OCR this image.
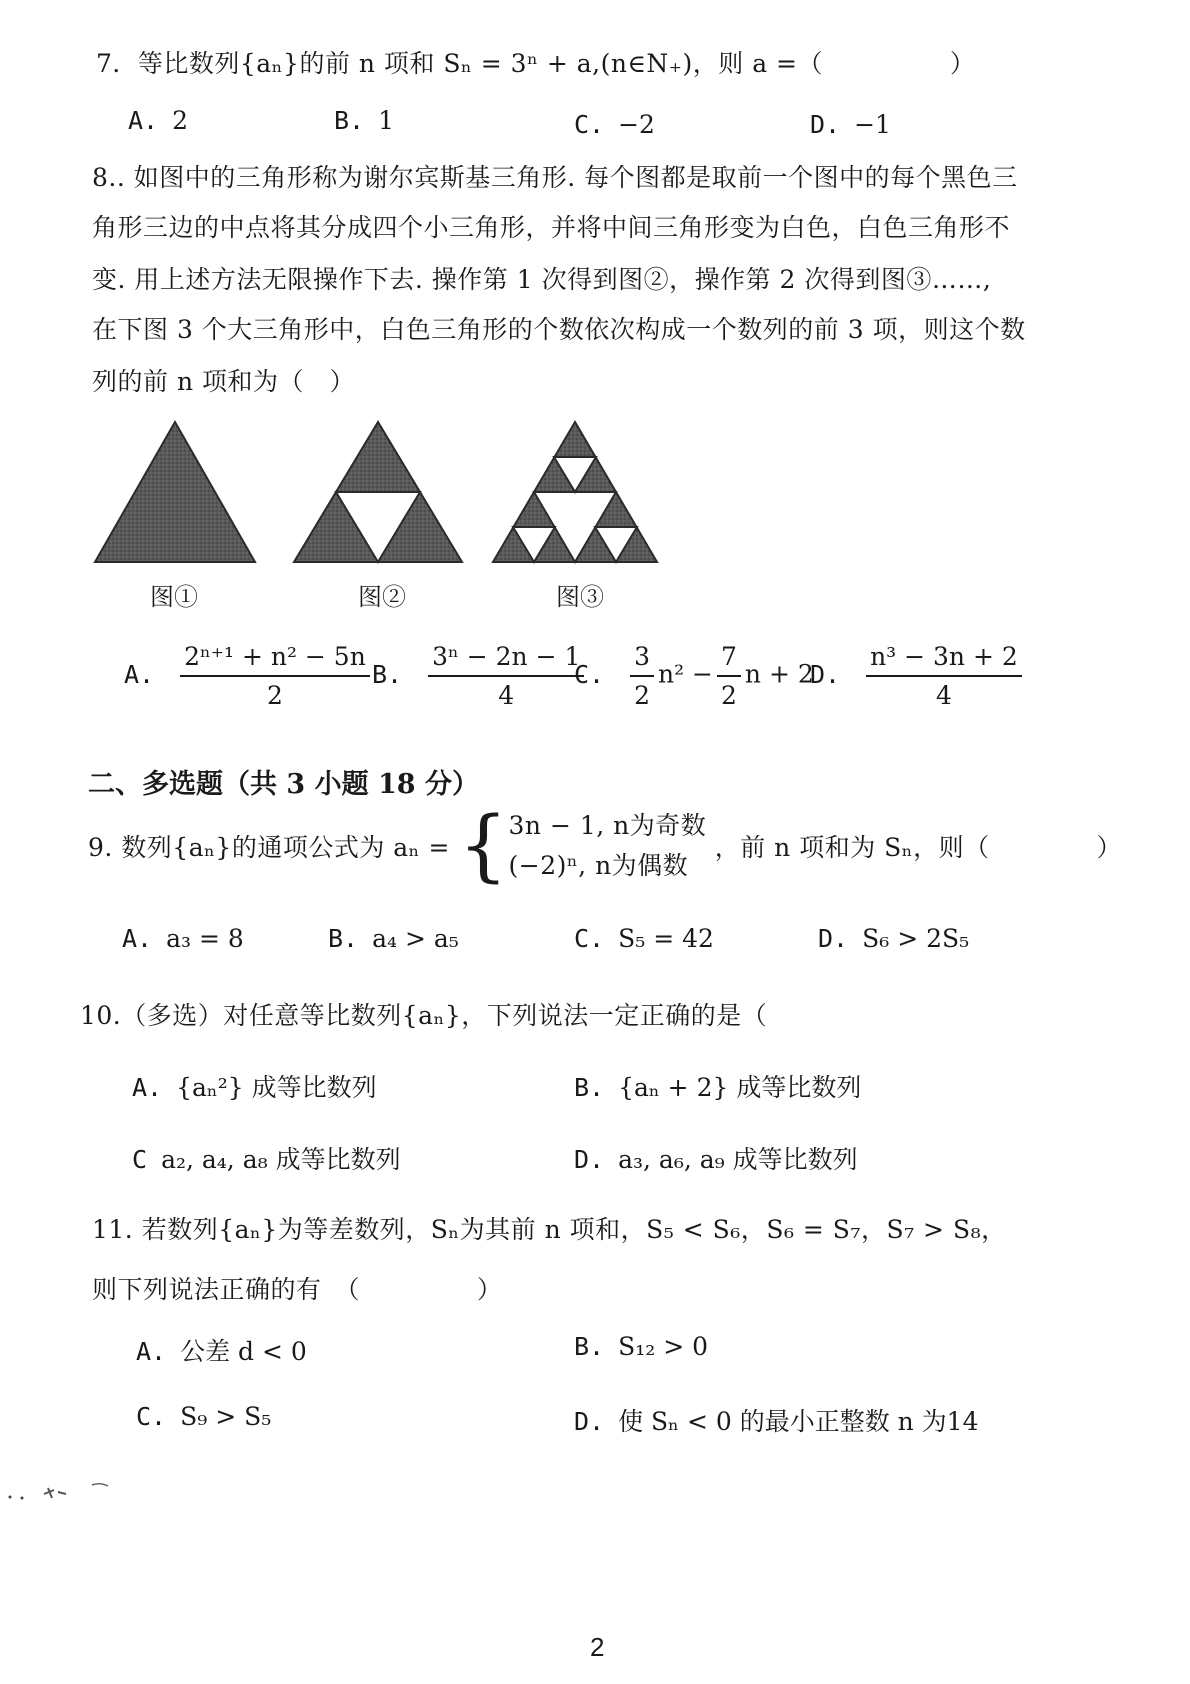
7．等比数列{aₙ}的前 n 项和 Sₙ = 3ⁿ + a,(n∈N₊)，则 a =（	）
A. 2	B. 1	C. −2	D. −1
8.. 如图中的三角形称为谢尔宾斯基三角形. 每个图都是取前一个图中的每个黑色三
角形三边的中点将其分成四个小三角形，并将中间三角形变为白色，白色三角形不
变. 用上述方法无限操作下去. 操作第 1 次得到图②，操作第 2 次得到图③……,
在下图 3 个大三角形中，白色三角形的个数依次构成一个数列的前 3 项，则这个数
列的前 n 项和为（　）
图①	图②	图③
A. $\frac{\text{2ⁿ⁺¹ + n² − 5n}}{2} B$. $\frac{\text{3ⁿ − 2n − 1}}{4}$
C. $\frac{3}{2} n^2 - \frac{7}{2}$ n + 2
D. $\frac{\text{n³ − 3n + 2}}{4}$
二、多选题（共 3 小题 18 分）
9. 数列{aₙ}的通项公式为 aₙ = { 3n − 1, n为奇数
(−2)ⁿ, n为偶数
，前 n 项和为 Sₙ，则（	）
A. a₃ = 8	B. a₄ > a₅	C. S₅ = 42	D. S₆ > 2S₅
10.（多选）对任意等比数列{aₙ}，下列说法一定正确的是（
A. {aₙ²} 成等比数列	B. {aₙ + 2} 成等比数列
C a₂, a₄, a₈ 成等比数列	D. a₃, a₆, a₉ 成等比数列
11. 若数列{aₙ}为等差数列，Sₙ为其前 n 项和，S₅ < S₆，S₆ = S₇，S₇ > S₈，
则下列说法正确的有　（	）
A. 公差 d < 0	B. S₁₂ > 0
C. S₉ > S₅	D. 使 Sₙ < 0 的最小正整数 n 为14
2
